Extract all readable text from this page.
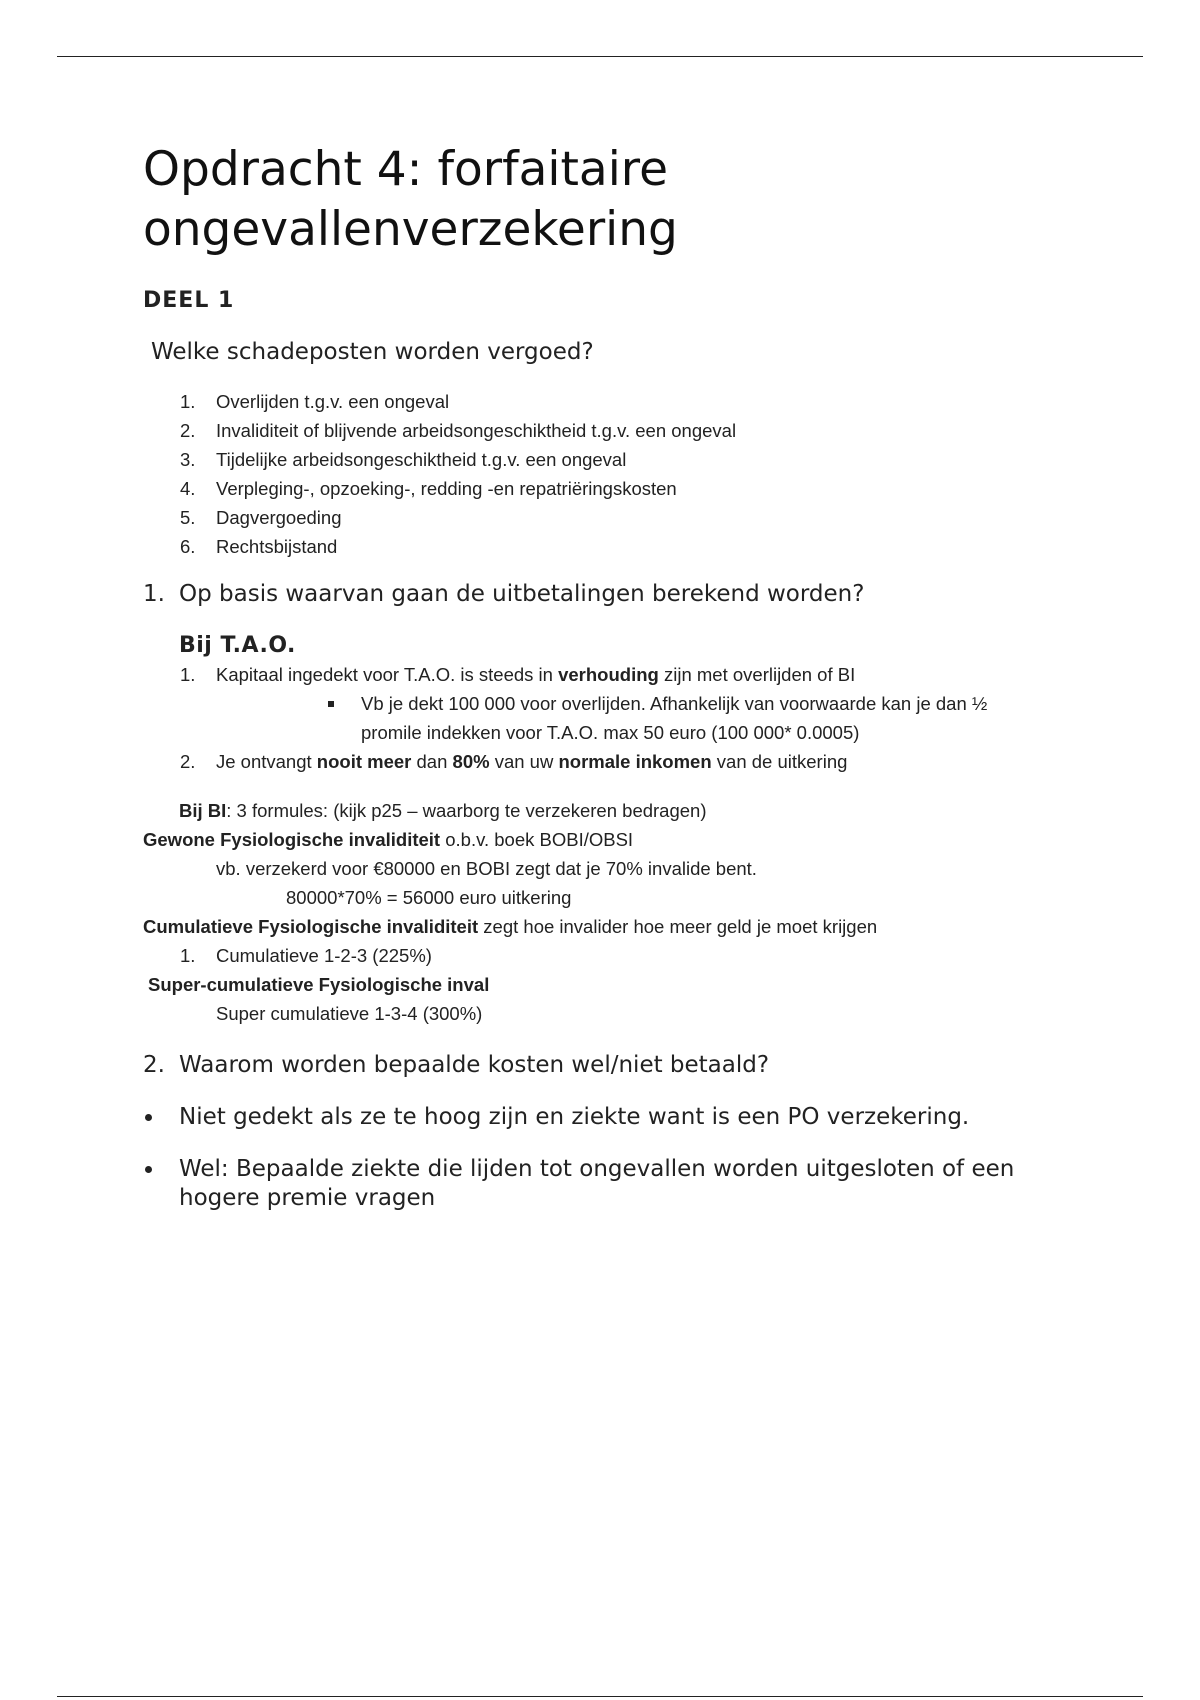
Opdracht 4: forfaitaire
ongevallenverzekering
DEEL 1
Welke schadeposten worden vergoed?
1. Overlijden t.g.v. een ongeval
2. Invaliditeit of blijvende arbeidsongeschiktheid t.g.v. een ongeval
3. Tijdelijke arbeidsongeschiktheid t.g.v. een ongeval
4. Verpleging-, opzoeking-, redding -en repatriëringskosten
5. Dagvergoeding
6. Rechtsbijstand
1. Op basis waarvan gaan de uitbetalingen berekend worden?
Bij T.A.O.
1. Kapitaal ingedekt voor T.A.O. is steeds in verhouding zijn met overlijden of BI
Vb je dekt 100 000 voor overlijden. Afhankelijk van voorwaarde kan je dan ½
promile indekken voor T.A.O. max 50 euro (100 000* 0.0005)
2. Je ontvangt nooit meer dan 80% van uw normale inkomen van de uitkering
Bij BI: 3 formules: (kijk p25 – waarborg te verzekeren bedragen)
Gewone Fysiologische invaliditeit o.b.v. boek BOBI/OBSI
vb. verzekerd voor €80000 en BOBI zegt dat je 70% invalide bent.
80000*70% = 56000 euro uitkering
Cumulatieve Fysiologische invaliditeit zegt hoe invalider hoe meer geld je moet krijgen
1. Cumulatieve 1-2-3 (225%)
Super-cumulatieve Fysiologische inval
Super cumulatieve 1-3-4 (300%)
2. Waarom worden bepaalde kosten wel/niet betaald?
Niet gedekt als ze te hoog zijn en ziekte want is een PO verzekering.
Wel: Bepaalde ziekte die lijden tot ongevallen worden uitgesloten of een hogere premie vragen
